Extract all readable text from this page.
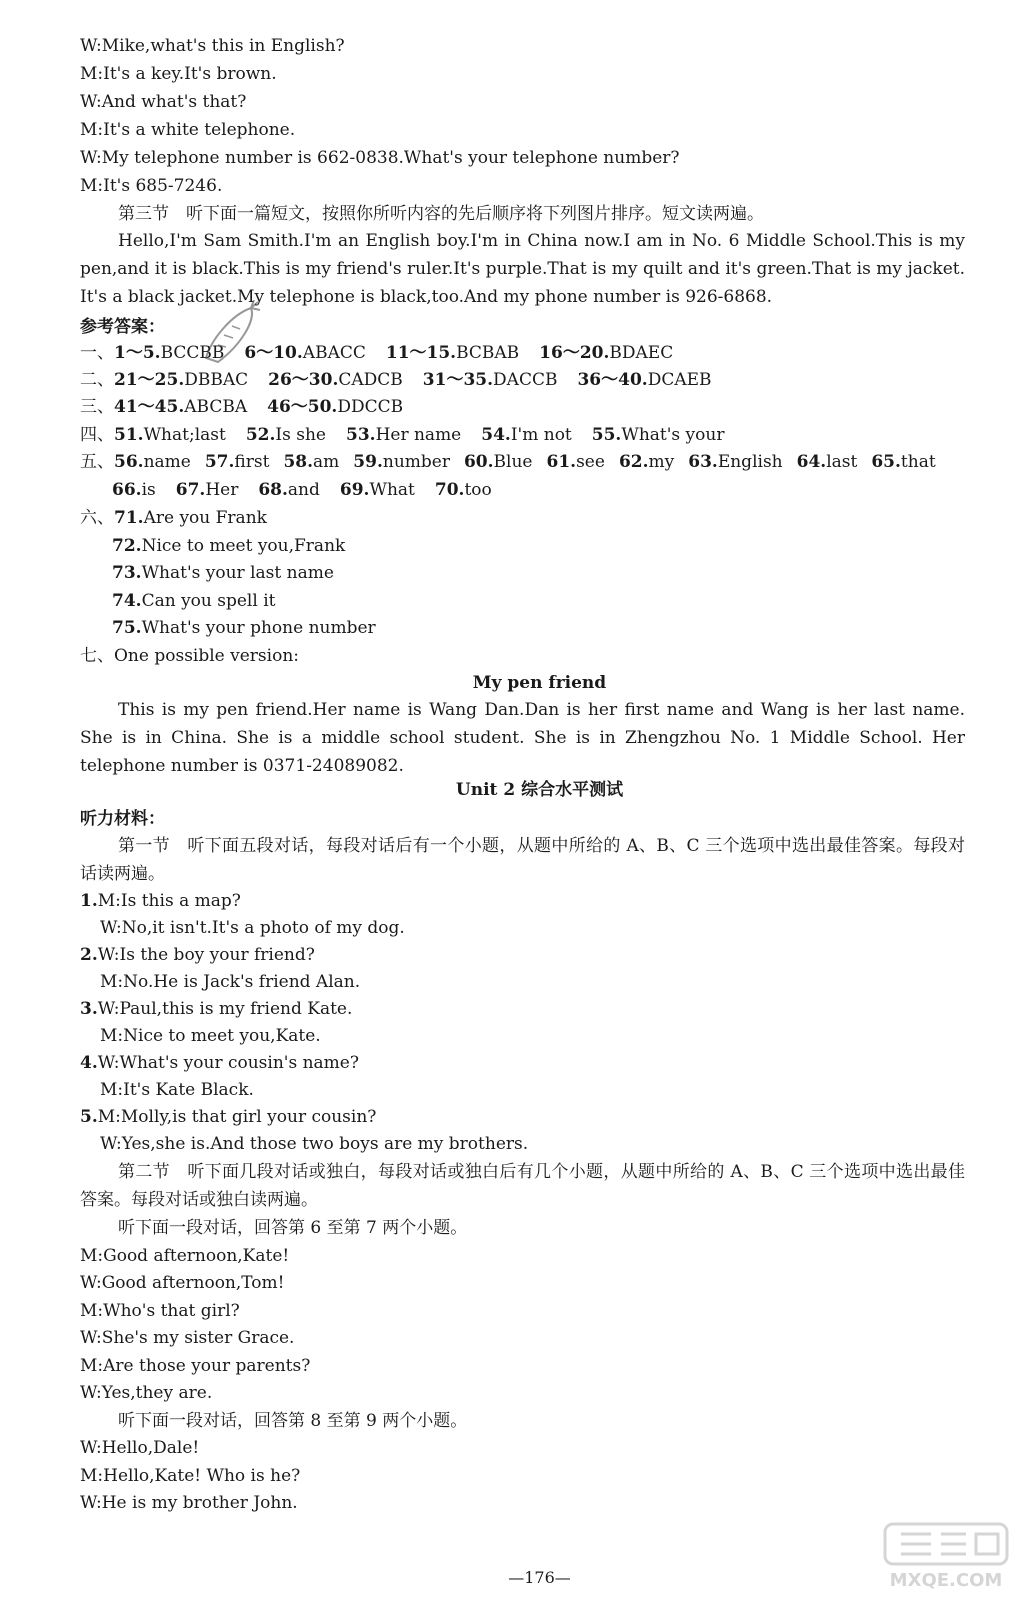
W:Mike,what's this in English?
M:It's a key.It's brown.
W:And what's that?
M:It's a white telephone.
W:My telephone number is 662-0838.What's your telephone number?
M:It's 685-7246.
第三节　听下面一篇短文，按照你所听内容的先后顺序将下列图片排序。短文读两遍。
Hello,I'm Sam Smith.I'm an English boy.I'm in China now.I am in No. 6 Middle School.This is my pen,and it is black.This is my friend's ruler.It's purple.That is my quilt and it's green.That is my jacket. It's a black jacket.My telephone is black,too.And my phone number is 926-6868.
参考答案：
一、1～5.BCCBB 6～10.ABACC 11～15.BCBAB 16～20.BDAEC
二、21～25.DBBAC 26～30.CADCB 31～35.DACCB 36～40.DCAEB
三、41～45.ABCBA 46～50.DDCCB
四、51.What;last 52.Is she 53.Her name 54.I'm not 55.What's your
五、56.name 57.first 58.am 59.number 60.Blue 61.see 62.my 63.English 64.last 65.that
66.is 67.Her 68.and 69.What 70.too
六、71.Are you Frank
72.Nice to meet you,Frank
73.What's your last name
74.Can you spell it
75.What's your phone number
七、One possible version:
My pen friend
This is my pen friend.Her name is Wang Dan.Dan is her first name and Wang is her last name. She is in China. She is a middle school student. She is in Zhengzhou No. 1 Middle School. Her telephone number is 0371-24089082.
Unit 2 综合水平测试
听力材料：
第一节　听下面五段对话，每段对话后有一个小题，从题中所给的 A、B、C 三个选项中选出最佳答案。每段对话读两遍。
1.M:Is this a map?
W:No,it isn't.It's a photo of my dog.
2.W:Is the boy your friend?
M:No.He is Jack's friend Alan.
3.W:Paul,this is my friend Kate.
M:Nice to meet you,Kate.
4.W:What's your cousin's name?
M:It's Kate Black.
5.M:Molly,is that girl your cousin?
W:Yes,she is.And those two boys are my brothers.
第二节　听下面几段对话或独白，每段对话或独白后有几个小题，从题中所给的 A、B、C 三个选项中选出最佳答案。每段对话或独白读两遍。
听下面一段对话，回答第 6 至第 7 两个小题。
M:Good afternoon,Kate!
W:Good afternoon,Tom!
M:Who's that girl?
W:She's my sister Grace.
M:Are those your parents?
W:Yes,they are.
听下面一段对话，回答第 8 至第 9 两个小题。
W:Hello,Dale!
M:Hello,Kate! Who is he?
W:He is my brother John.
—176—	MXQE.COM
